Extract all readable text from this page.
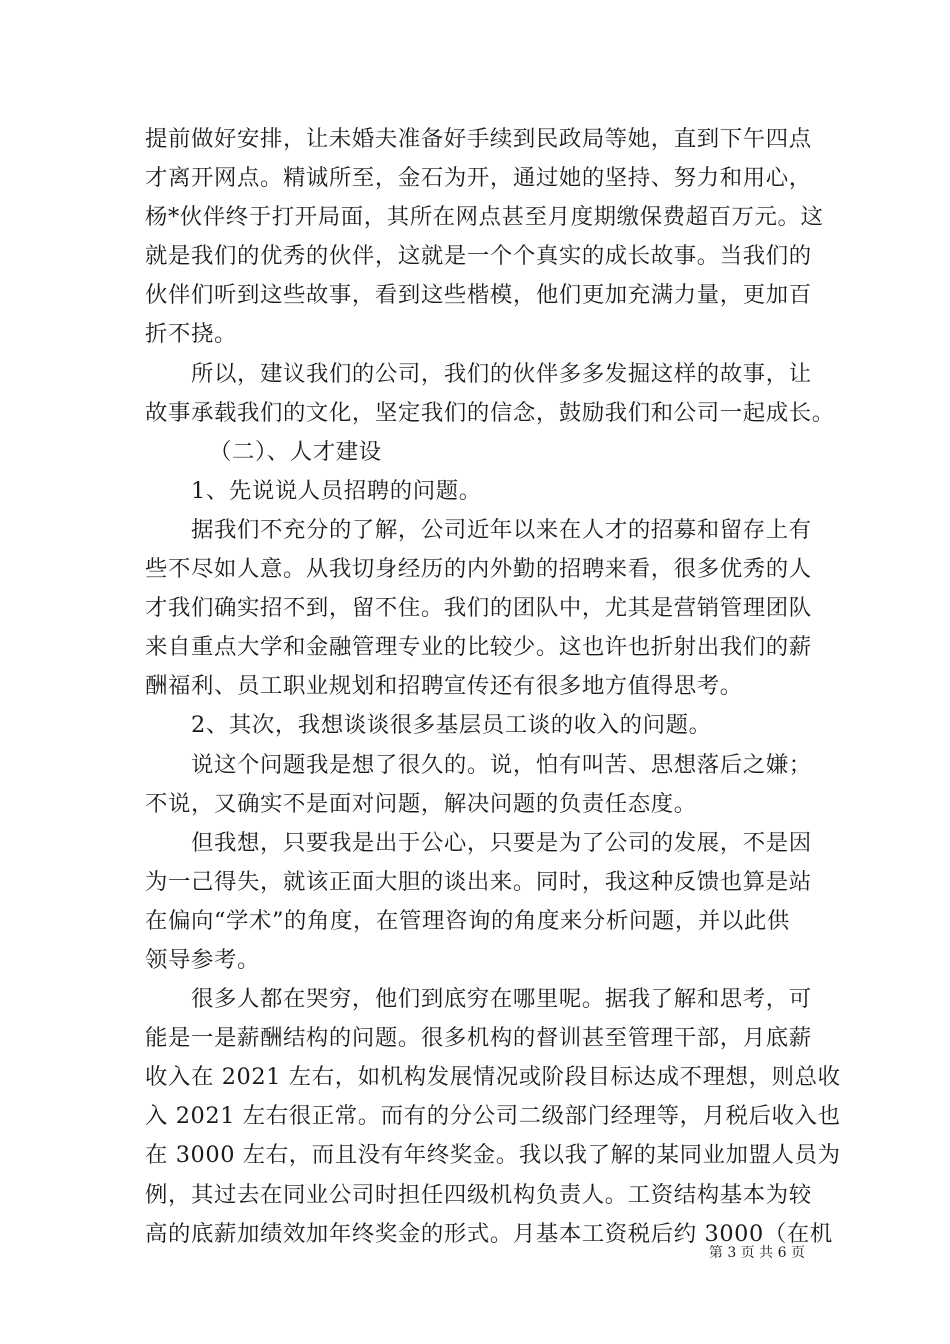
提前做好安排，让未婚夫准备好手续到民政局等她，直到下午四点
才离开网点。精诚所至，金石为开，通过她的坚持、努力和用心，
杨*伙伴终于打开局面，其所在网点甚至月度期缴保费超百万元。这
就是我们的优秀的伙伴，这就是一个个真实的成长故事。当我们的
伙伴们听到这些故事，看到这些楷模，他们更加充满力量，更加百
折不挠。
所以，建议我们的公司，我们的伙伴多多发掘这样的故事，让
故事承载我们的文化，坚定我们的信念，鼓励我们和公司一起成长。
（二）、人才建设
1、先说说人员招聘的问题。
据我们不充分的了解，公司近年以来在人才的招募和留存上有
些不尽如人意。从我切身经历的内外勤的招聘来看，很多优秀的人
才我们确实招不到，留不住。我们的团队中，尤其是营销管理团队
来自重点大学和金融管理专业的比较少。这也许也折射出我们的薪
酬福利、员工职业规划和招聘宣传还有很多地方值得思考。
2、其次，我想谈谈很多基层员工谈的收入的问题。
说这个问题我是想了很久的。说，怕有叫苦、思想落后之嫌；
不说，又确实不是面对问题，解决问题的负责任态度。
但我想，只要我是出于公心，只要是为了公司的发展，不是因
为一己得失，就该正面大胆的谈出来。同时，我这种反馈也算是站
在偏向“学术”的角度，在管理咨询的角度来分析问题，并以此供
领导参考。
很多人都在哭穷，他们到底穷在哪里呢。据我了解和思考，可
能是一是薪酬结构的问题。很多机构的督训甚至管理干部，月底薪
收入在 2021 左右，如机构发展情况或阶段目标达成不理想，则总收
入 2021 左右很正常。而有的分公司二级部门经理等，月税后收入也
在 3000 左右，而且没有年终奖金。我以我了解的某同业加盟人员为
例，其过去在同业公司时担任四级机构负责人。工资结构基本为较
高的底薪加绩效加年终奖金的形式。月基本工资税后约 3000（在机
第 3 页 共 6 页
